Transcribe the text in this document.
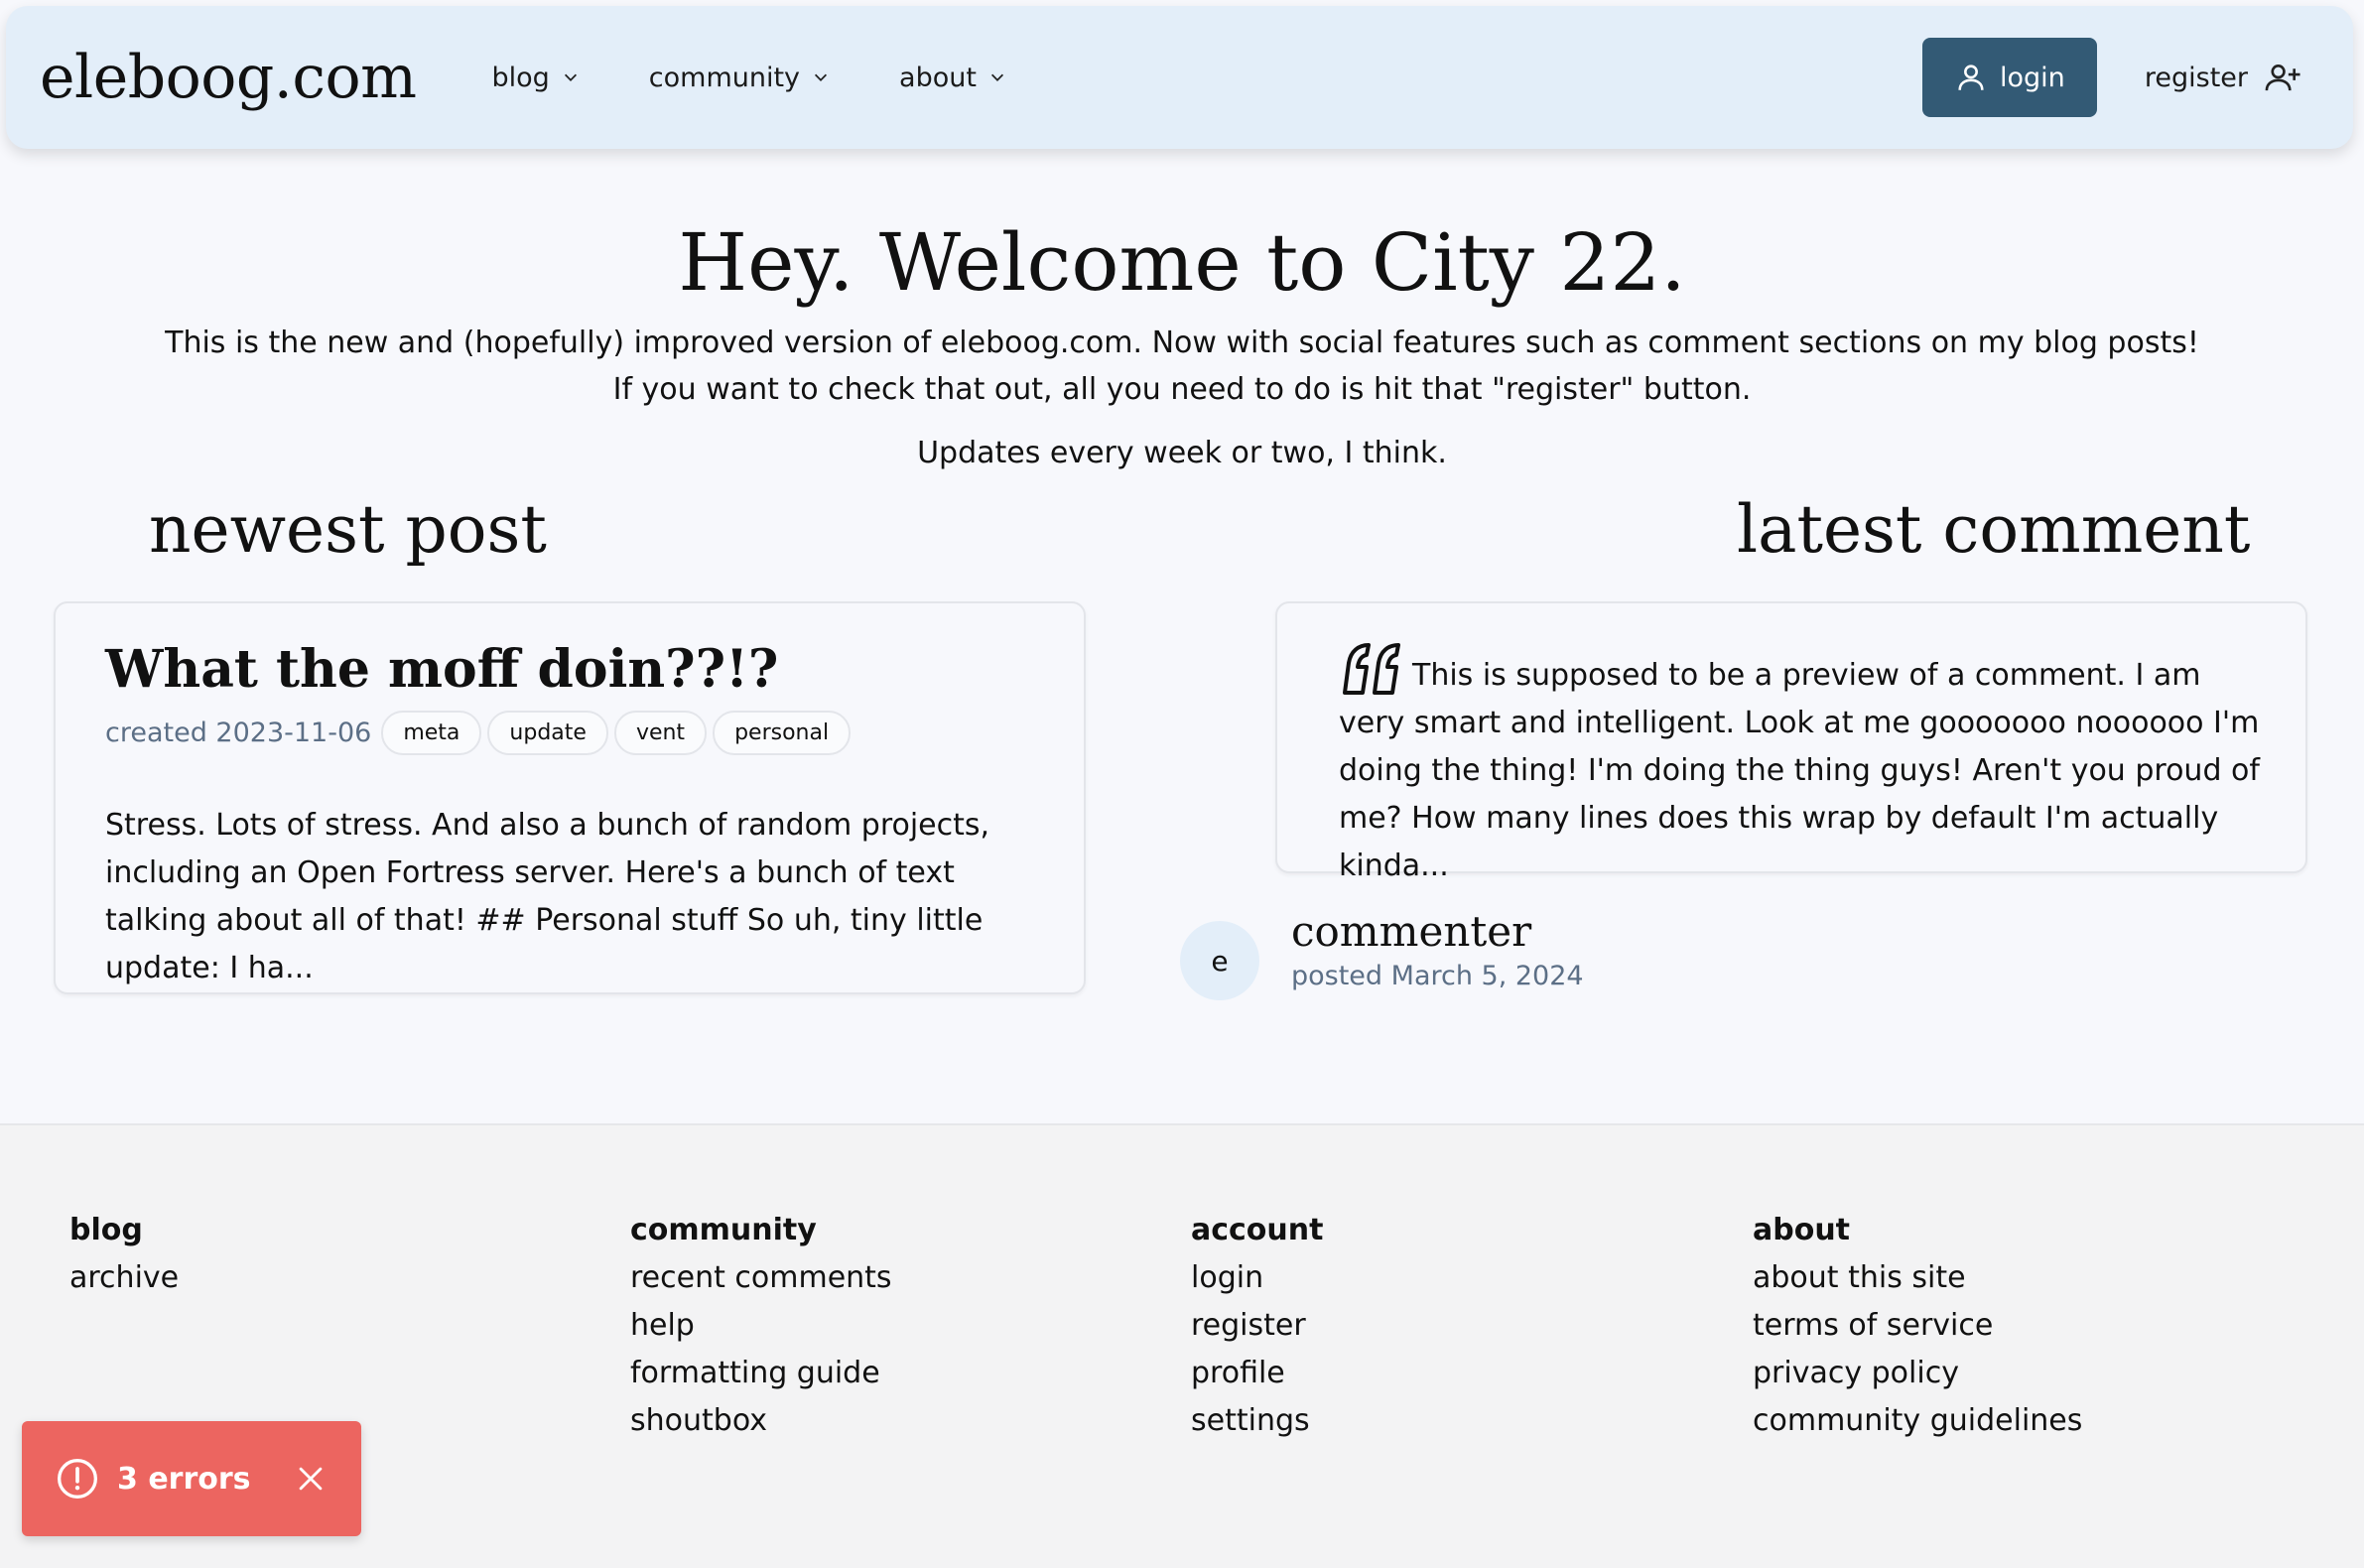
eleboog.com	blog	community	about	login	register
Hey. Welcome to City 22.
This is the new and (hopefully) improved version of eleboog.com. Now with social features such as comment sections on my blog posts!
If you want to check that out, all you need to do is hit that "register" button.
Updates every week or two, I think.
newest post	latest comment
What the moff doin??!?
created 2023-11-06	meta	update	vent	personal
Stress. Lots of stress. And also a bunch of random projects, including an Open Fortress server. Here's a bunch of text talking about all of that! ## Personal stuff So uh, tiny little update: I ha...
This is supposed to be a preview of a comment. I am very smart and intelligent. Look at me gooooooo noooooo I'm doing the thing! I'm doing the thing guys! Aren't you proud of me? How many lines does this wrap by default I'm actually kinda...
e
commenter
posted March 5, 2024
blog
archive
community
recent comments
help
formatting guide
shoutbox
account
login
register
profile
settings
about
about this site
terms of service
privacy policy
community guidelines
3 errors
